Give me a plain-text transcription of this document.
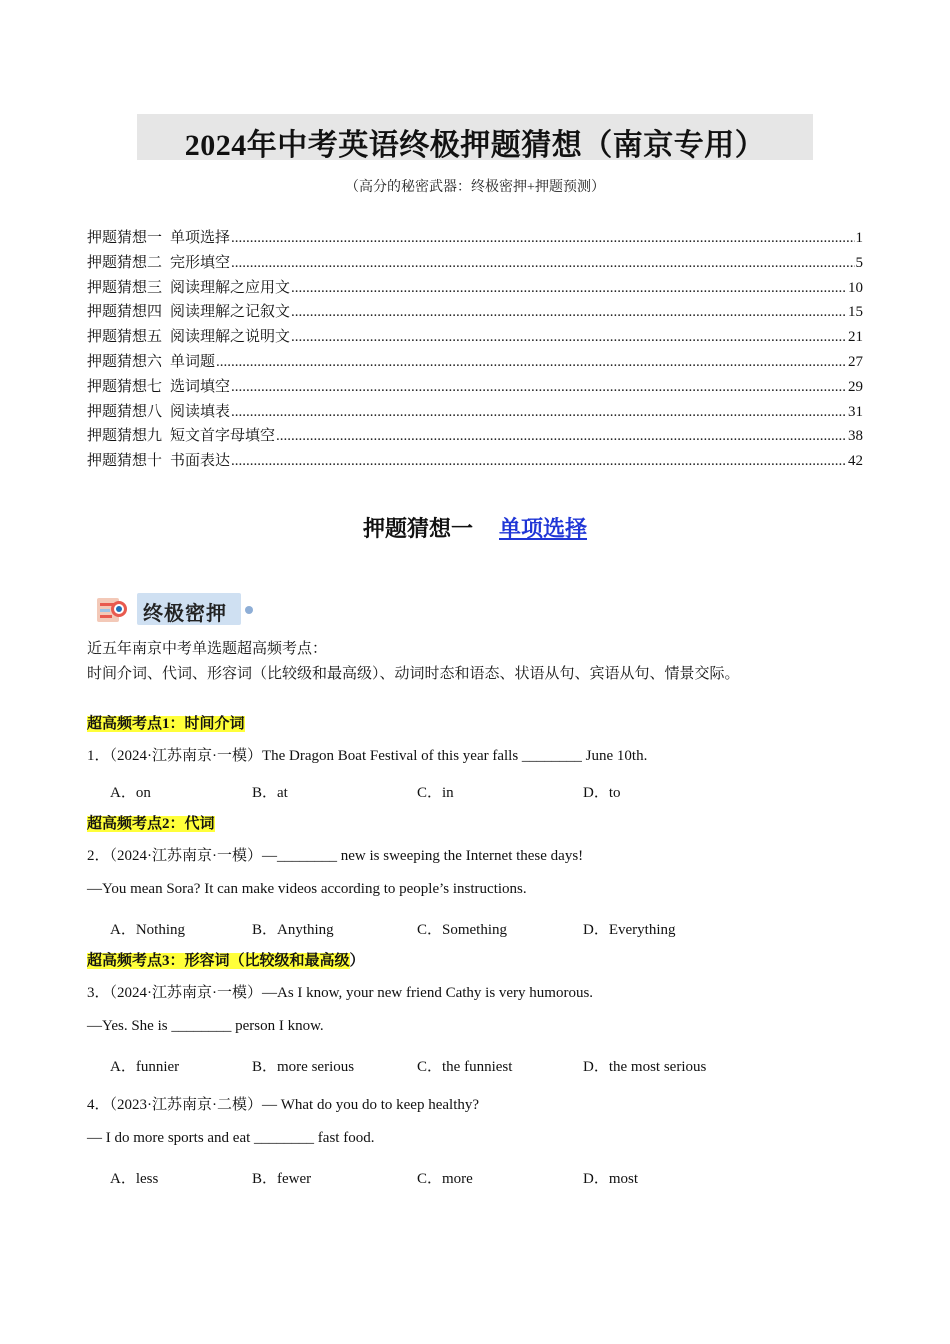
2024年中考英语终极押题猜想（南京专用）
（高分的秘密武器：终极密押+押题预测）
押题猜想一 单项选择 .....	1
押题猜想二 完形填空 .....	5
押题猜想三 阅读理解之应用文 .....	10
押题猜想四 阅读理解之记叙文 .....	15
押题猜想五 阅读理解之说明文 .....	21
押题猜想六 单词题 .....	27
押题猜想七 选词填空 .....	29
押题猜想八 阅读填表 .....	31
押题猜想九 短文首字母填空 .....	38
押题猜想十 书面表达 .....	42
押题猜想一 单项选择
终极密押
近五年南京中考单选题超高频考点：
时间介词、代词、形容词（比较级和最高级）、动词时态和语态、状语从句、宾语从句、情景交际。
超高频考点1：时间介词
1．（2024·江苏南京·一模）The Dragon Boat Festival of this year falls ________ June 10th.
A．on	B．at	C．in	D．to
超高频考点2：代词
2．（2024·江苏南京·一模）—________ new is sweeping the Internet these days!
—You mean Sora? It can make videos according to people’s instructions.
A．Nothing	B．Anything	C．Something	D．Everything
超高频考点3：形容词（比较级和最高级）
3．（2024·江苏南京·一模）—As I know, your new friend Cathy is very humorous.
—Yes. She is ________ person I know.
A．funnier	B．more serious	C．the funniest	D．the most serious
4．（2023·江苏南京·二模）— What do you do to keep healthy?
— I do more sports and eat ________ fast food.
A．less	B．fewer	C．more	D．most
